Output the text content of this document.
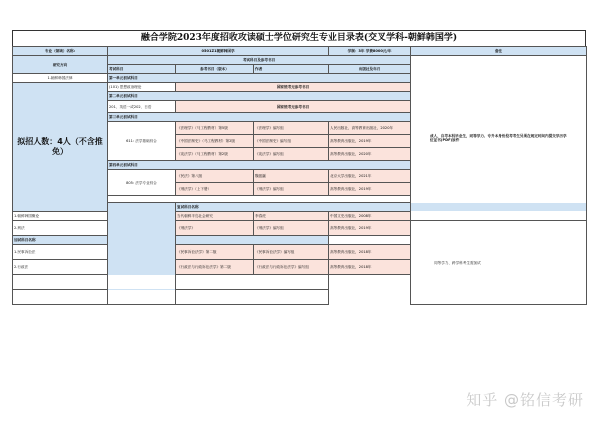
融合学院2023年度招收攻读硕士学位研究生专业目录表(交叉学科-朝鲜韩国学)
专业（领域）名称:	0501Z1朝鲜韩国学			学制：3年 学费8000元/年	备注
研究方向	考试科目及参考书目				成人，自考本科毕业生，同等学力、专升本身份投考考生另须在规定时间内提交学历学位证书(PDF)原件

	考试科目	参考书目（版本）	作者	出版社及年月	
1.朝鲜韩国法律	第一单元初试科目				

拟招人数：4人（不含推免）	(101) 思想政治理论	国家统考无参考书目			
	第二单元初试科目				
	201、英语一或202、日语	国家统考无参考书目			
	第三单元初试科目				
	611: 法学基础综合	《法理学》（马工程教材）第5版	《法理学》编写组	人民出版社，高等教育出版社，2020年	
		《中国法制史》（马工程教材）第2版	《中国法制史》编写组	高等教育出版社，2019年	
		《宪法学》（马工程教材）第2版	《宪法学》编写组	高等教育出版社，2020年	
	第四单元初试科目				
	805: 法学专业综合	《民法》第八版	魏振瀛	北京大学出版社，2021年	
		《刑法学》（上下册）	《刑法学》编写组	高等教育出版社，2019年	

		复试科目名称			
1.朝鲜韩国概论		当代朝鲜半岛社会研究	李春虎	中国文史出版社，2008年	
2.刑法		《刑法学》	《刑法学》编写组	高等教育出版社，2019年	同等学力、跨学科考生需加试

加试科目名称					
1.民事诉讼法		《民事诉讼法学》第二版	《民事诉讼法学》编写组	高等教育出版社，2018年	
2.行政法		《行政法与行政诉讼法学》第二版	《行政法与行政诉讼法学》编写组	高等教育出版社，2018年	

知乎 @铭信考研
